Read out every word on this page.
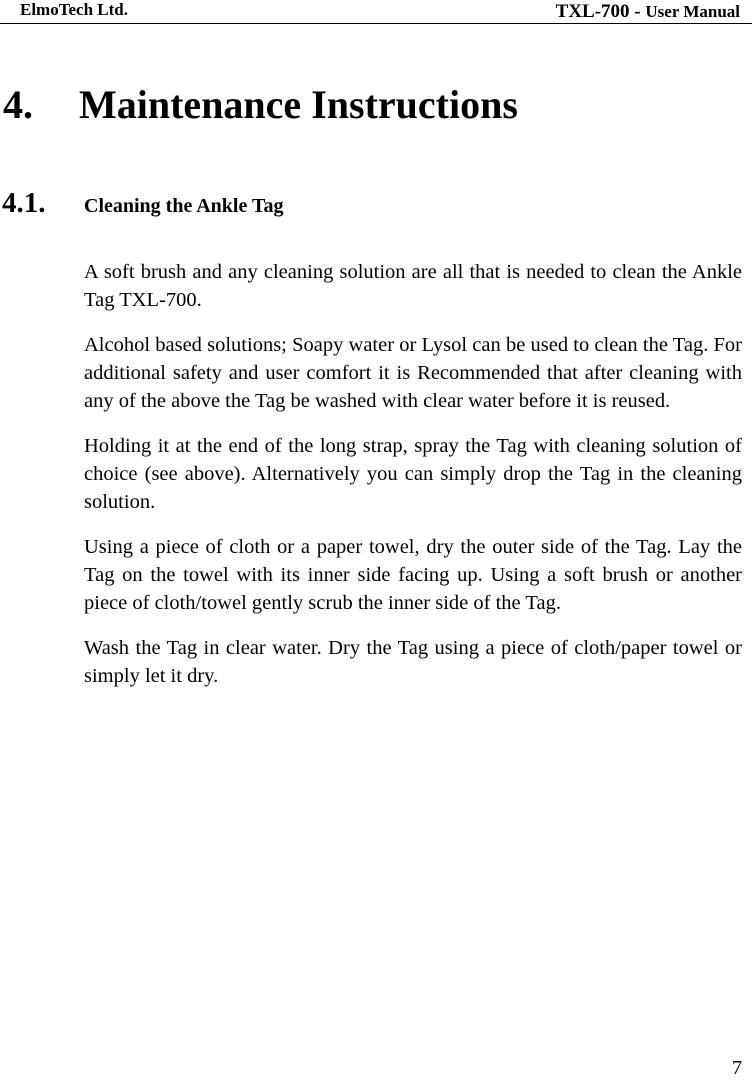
ElmoTech Ltd.	TXL-700 - User Manual
4. Maintenance Instructions
4.1. Cleaning the Ankle Tag

A soft brush and any cleaning solution are all that is needed to clean the Ankle Tag TXL-700.

Alcohol based solutions; Soapy water or Lysol can be used to clean the Tag. For additional safety and user comfort it is Recommended that after cleaning with any of the above the Tag be washed with clear water before it is reused.

Holding it at the end of the long strap, spray the Tag with cleaning solution of choice (see above). Alternatively you can simply drop the Tag in the cleaning solution.

Using a piece of cloth or a paper towel, dry the outer side of the Tag. Lay the Tag on the towel with its inner side facing up. Using a soft brush or another piece of cloth/towel gently scrub the inner side of the Tag.

Wash the Tag in clear water. Dry the Tag using a piece of cloth/paper towel or simply let it dry.

7
